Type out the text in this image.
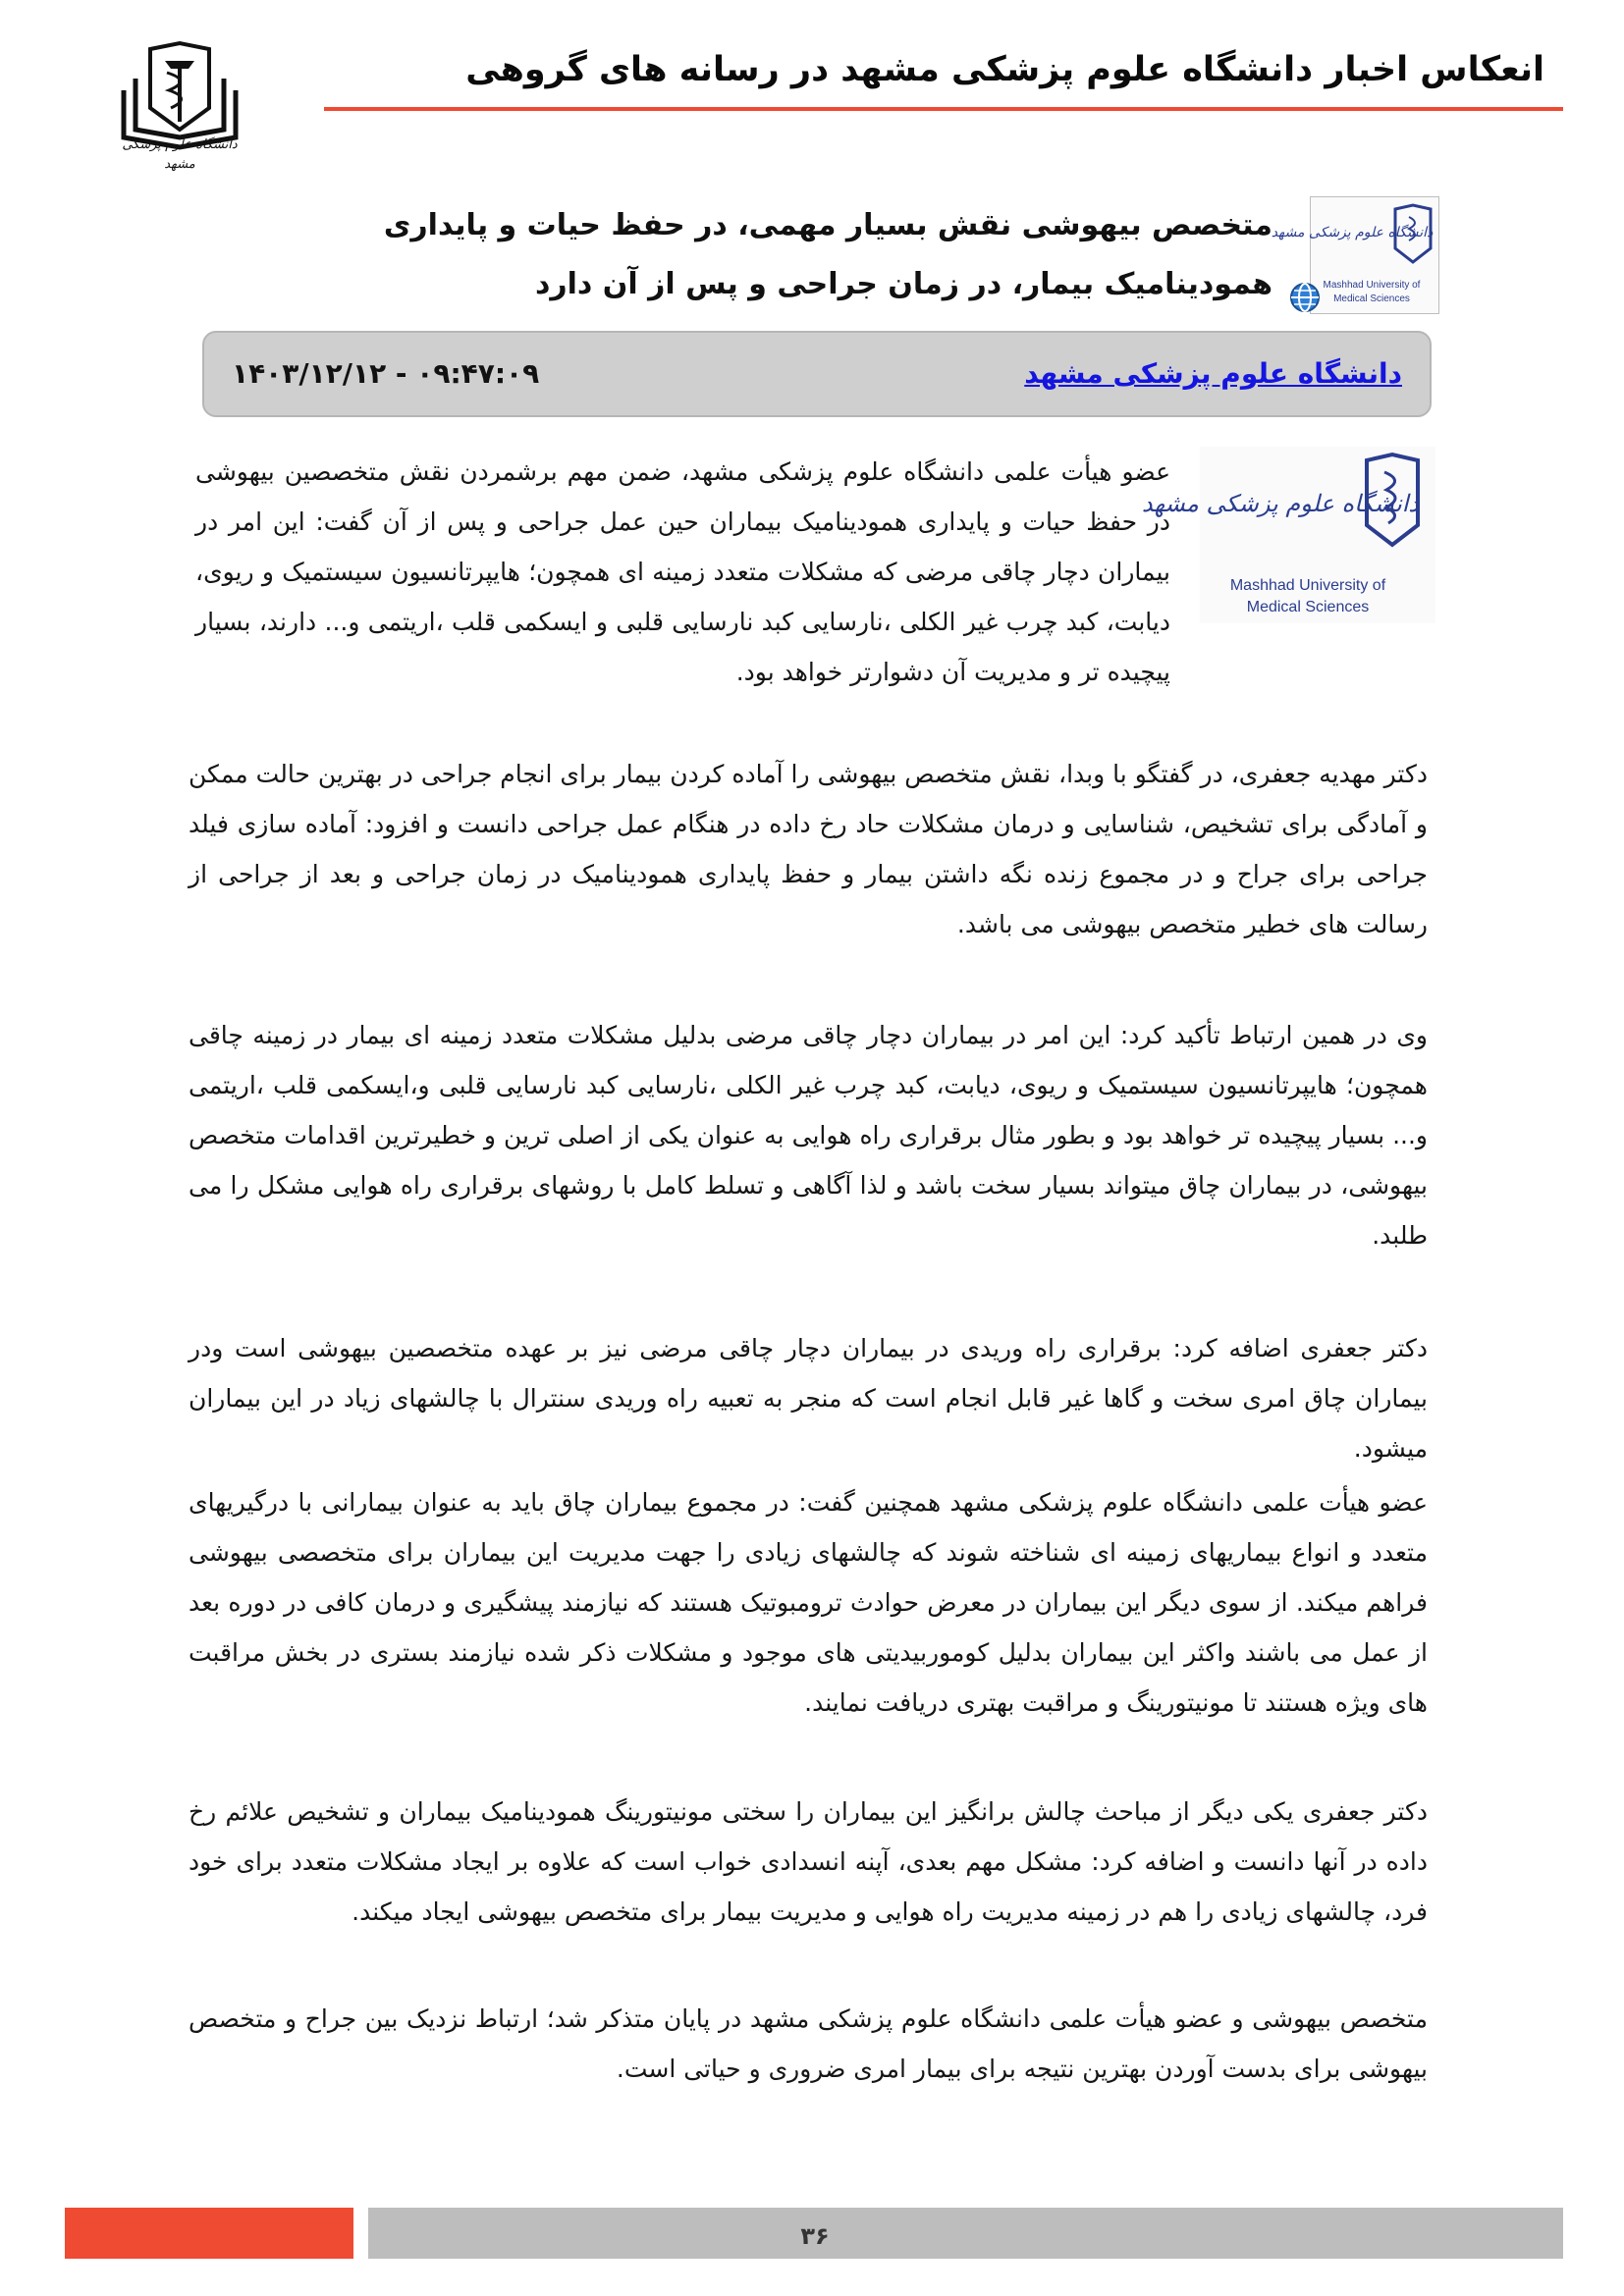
دانشگاه علوم پزشکی مشهد
انعکاس اخبار دانشگاه علوم پزشکی مشهد در رسانه های گروهی
دانشگاه علوم پزشکی مشهد
Mashhad University of
Medical Sciences
متخصص بیهوشی نقش بسیار مهمی، در حفظ حیات و پایداری همودینامیک بیمار، در زمان جراحی و پس از آن دارد
دانشگاه علوم پزشکی مشهد
۱۴۰۳/۱۲/۱۲ - ۰۹:۴۷:۰۹
دانشگاه علوم پزشکی مشهد
Mashhad University of
Medical Sciences
عضو هیأت علمی دانشگاه علوم پزشکی مشهد، ضمن مهم برشمردن نقش متخصصین بیهوشی در حفظ حیات و پایداری همودینامیک بیماران حین عمل جراحی و پس از آن گفت: این امر در بیماران دچار چاقی مرضی که مشکلات متعدد زمینه ای همچون؛ هایپرتانسیون سیستمیک و ریوی، دیابت، کبد چرب غیر الکلی ،نارسایی کبد نارسایی قلبی و ایسکمی قلب ،اریتمی و... دارند، بسیار پیچیده تر و مدیریت آن دشوارتر خواهد بود.
دکتر مهدیه جعفری، در گفتگو با وبدا، نقش متخصص بیهوشی را آماده کردن بیمار برای انجام جراحی در بهترین حالت ممکن و آمادگی برای تشخیص، شناسایی و درمان مشکلات حاد رخ داده در هنگام عمل جراحی دانست و افزود: آماده سازی فیلد جراحی برای جراح و در مجموع زنده نگه داشتن بیمار و حفظ پایداری همودینامیک در زمان جراحی و بعد از جراحی از رسالت های خطیر متخصص بیهوشی می باشد.
وی در همین ارتباط تأکید کرد: این امر در بیماران دچار چاقی مرضی بدلیل مشکلات متعدد زمینه ای بیمار در زمینه چاقی همچون؛ هایپرتانسیون سیستمیک و ریوی، دیابت، کبد چرب غیر الکلی ،نارسایی کبد نارسایی قلبی و،ایسکمی قلب ،اریتمی و... بسیار پیچیده تر خواهد بود و بطور مثال برقراری راه هوایی به عنوان یکی از اصلی ترین و خطیرترین اقدامات متخصص بیهوشی، در بیماران چاق میتواند بسیار سخت باشد و لذا آگاهی و تسلط کامل با روشهای برقراری راه هوایی مشکل را می طلبد.
دکتر جعفری اضافه کرد: برقراری راه وریدی در بیماران دچار چاقی مرضی نیز بر عهده متخصصین بیهوشی است ودر بیماران چاق امری سخت و گاها غیر قابل انجام است که منجر به تعبیه راه وریدی سنترال با چالشهای زیاد در این بیماران میشود.
عضو هیأت علمی دانشگاه علوم پزشکی مشهد همچنین گفت: در مجموع بیماران چاق باید به عنوان بیمارانی با درگیریهای متعدد و انواع بیماریهای زمینه ای شناخته شوند که چالشهای زیادی را جهت مدیریت این بیماران برای متخصصی بیهوشی فراهم میکند. از سوی دیگر این بیماران در معرض حوادث ترومبوتیک هستند که نیازمند پیشگیری و درمان کافی در دوره بعد از عمل می باشند واکثر این بیماران بدلیل کوموربیدیتی های موجود و مشکلات ذکر شده نیازمند بستری در بخش مراقبت های ویژه هستند تا مونیتورینگ و مراقبت بهتری دریافت نمایند.
دکتر جعفری یکی دیگر از مباحث چالش برانگیز این بیماران را سختی مونیتورینگ همودینامیک بیماران و تشخیص علائم رخ داده در آنها دانست و اضافه کرد: مشکل مهم بعدی، آپنه انسدادی خواب است که علاوه بر ایجاد مشکلات متعدد برای خود فرد، چالشهای زیادی را هم در زمینه مدیریت راه هوایی و مدیریت بیمار برای متخصص بیهوشی ایجاد میکند.
متخصص بیهوشی و عضو هیأت علمی دانشگاه علوم پزشکی مشهد در پایان متذکر شد؛ ارتباط نزدیک بین جراح و متخصص بیهوشی برای بدست آوردن بهترین نتیجه برای بیمار امری ضروری و حیاتی است.
۳۶
